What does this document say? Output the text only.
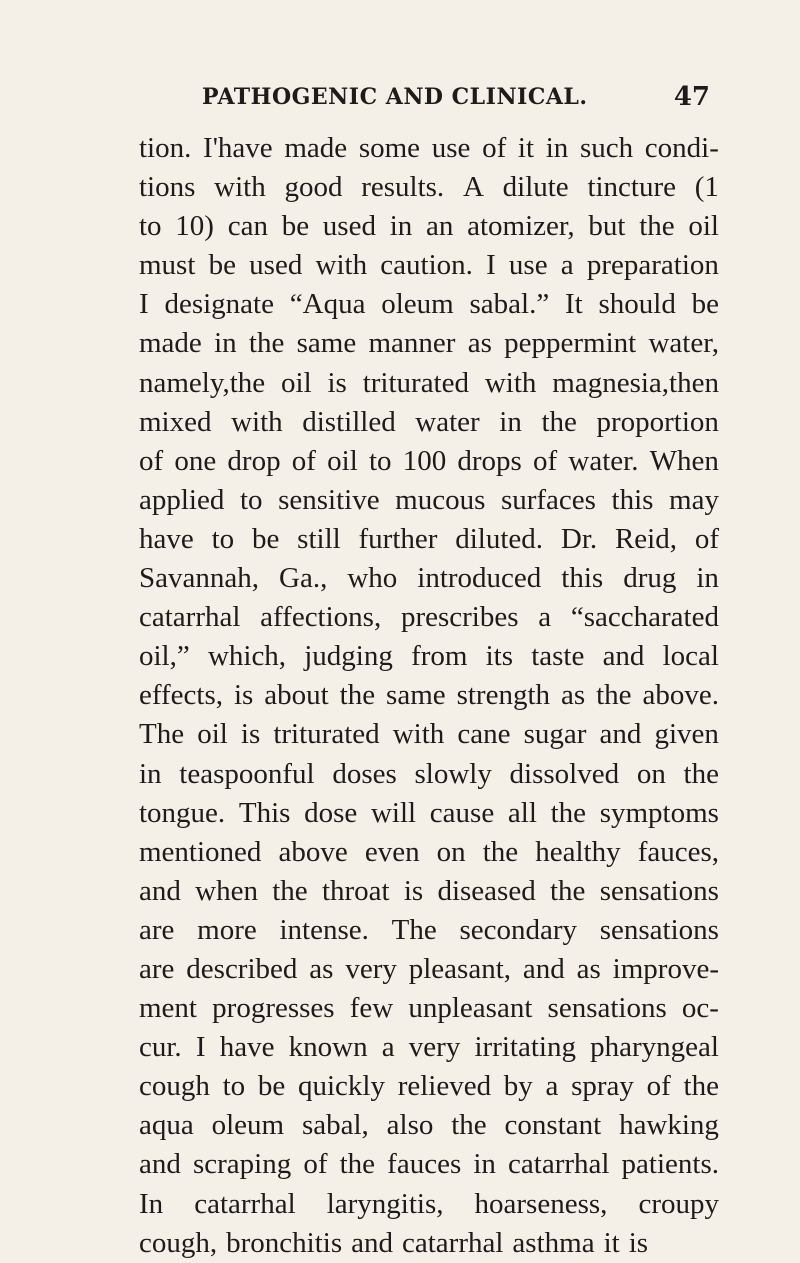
PATHOGENIC AND CLINICAL.	47
tion. I'have made some use of it in such condi-
tions with good results. A dilute tincture (1
to 10) can be used in an atomizer, but the oil
must be used with caution. I use a preparation
I designate “Aqua oleum sabal.” It should be
made in the same manner as peppermint water,
namely,the oil is triturated with magnesia,then
mixed with distilled water in the proportion
of one drop of oil to 100 drops of water. When
applied to sensitive mucous surfaces this may
have to be still further diluted. Dr. Reid, of
Savannah, Ga., who introduced this drug in
catarrhal affections, prescribes a “saccharated
oil,” which, judging from its taste and local
effects, is about the same strength as the above.
The oil is triturated with cane sugar and given
in teaspoonful doses slowly dissolved on the
tongue. This dose will cause all the symptoms
mentioned above even on the healthy fauces,
and when the throat is diseased the sensations
are more intense. The secondary sensations
are described as very pleasant, and as improve-
ment progresses few unpleasant sensations oc-
cur. I have known a very irritating pharyngeal
cough to be quickly relieved by a spray of the
aqua oleum sabal, also the constant hawking
and scraping of the fauces in catarrhal patients.
In catarrhal laryngitis, hoarseness, croupy
cough, bronchitis and catarrhal asthma it is
